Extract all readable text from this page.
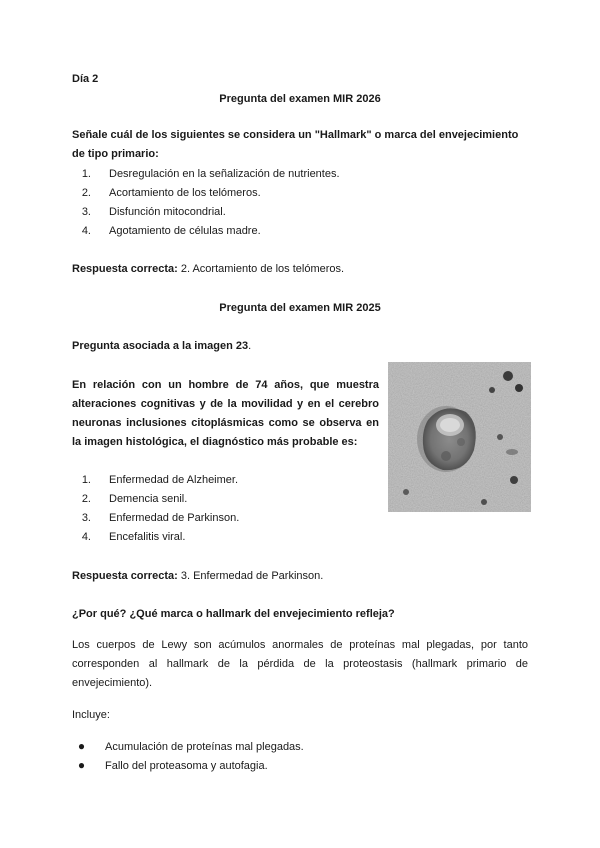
Día 2

Pregunta del examen MIR 2026

Señale cuál de los siguientes se considera un "Hallmark" o marca del envejecimiento

de tipo primario:

1. Desregulación en la señalización de nutrientes.
2. Acortamiento de los telómeros.
3. Disfunción mitocondrial.
4. Agotamiento de células madre.

Respuesta correcta: 2. Acortamiento de los telómeros.

Pregunta del examen MIR 2025

Pregunta asociada a la imagen 23.

En relación con un hombre de 74 años, que muestra
alteraciones cognitivas y de la movilidad y en el cerebro
neuronas inclusiones citoplásmicas como se observa en
la imagen histológica, el diagnóstico más probable es:
1. Enfermedad de Alzheimer.
2. Demencia senil.
3. Enfermedad de Parkinson.
4. Encefalitis viral.

Respuesta correcta: 3. Enfermedad de Parkinson.

¿Por qué? ¿Qué marca o hallmark del envejecimiento refleja?

Los cuerpos de Lewy son acúmulos anormales de proteínas mal plegadas, por tanto
corresponden al hallmark de la pérdida de la proteostasis (hallmark primario de
envejecimiento).

Incluye:

● Acumulación de proteínas mal plegadas.
● Fallo del proteasoma y autofagia.
